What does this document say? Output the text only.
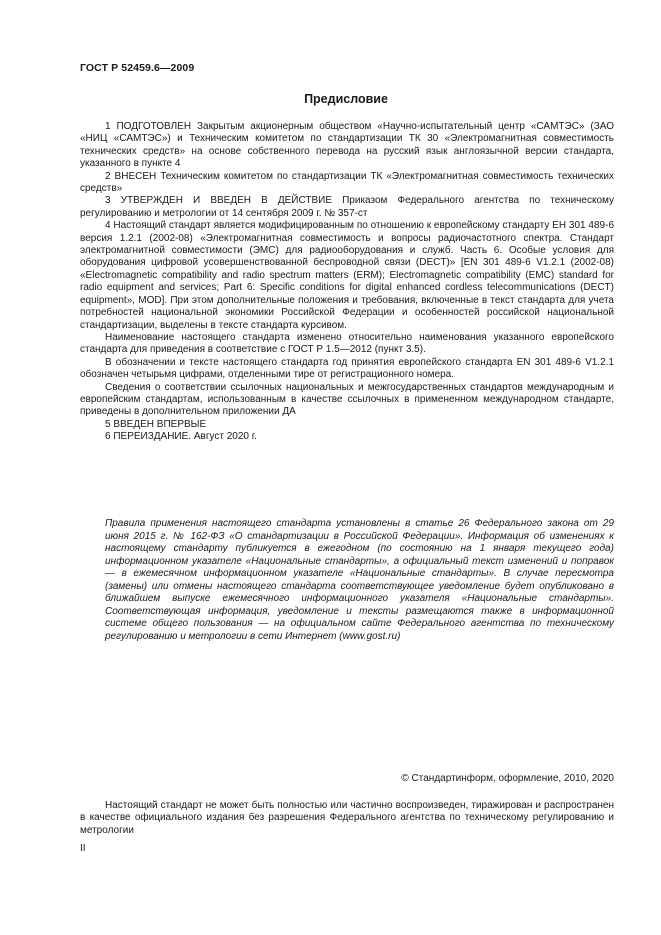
ГОСТ Р 52459.6—2009
Предисловие

1 ПОДГОТОВЛЕН Закрытым акционерным обществом «Научно-испытательный центр «САМТЭС» (ЗАО «НИЦ «САМТЭС») и Техническим комитетом по стандартизации ТК 30 «Электромагнитная совместимость технических средств» на основе собственного перевода на русский язык англоязычной версии стандарта, указанного в пункте 4

2 ВНЕСЕН Техническим комитетом по стандартизации ТК «Электромагнитная совместимость технических средств»

3 УТВЕРЖДЕН И ВВЕДЕН В ДЕЙСТВИЕ Приказом Федерального агентства по техническому регулированию и метрологии от 14 сентября 2009 г. № 357-ст

4 Настоящий стандарт является модифицированным по отношению к европейскому стандарту ЕН 301 489-6 версия 1.2.1 (2002-08) «Электромагнитная совместимость и вопросы радиочастотного спектра. Стандарт электромагнитной совместимости (ЭМС) для радиооборудования и служб. Часть 6. Особые условия для оборудования цифровой усовершенствованной беспроводной связи (DECT)» [EN 301 489-6 V1.2.1 (2002-08) «Electromagnetic compatibility and radio spectrum matters (ERM); Electromagnetic compatibility (EMC) standard for radio equipment and services; Part 6: Specific conditions for digital enhanced cordless telecommunications (DECT) equipment», MOD]. При этом дополнительные положения и требования, включенные в текст стандарта для учета потребностей национальной экономики Российской Федерации и особенностей российской национальной стандартизации, выделены в тексте стандарта курсивом.

Наименование настоящего стандарта изменено относительно наименования указанного европейского стандарта для приведения в соответствие с ГОСТ Р 1.5—2012 (пункт 3.5).

В обозначении и тексте настоящего стандарта год принятия европейского стандарта EN 301 489-6 V1.2.1 обозначен четырьмя цифрами, отделенными тире от регистрационного номера.

Сведения о соответствии ссылочных национальных и межгосударственных стандартов международным и европейским стандартам, использованным в качестве ссылочных в примененном международном стандарте, приведены в дополнительном приложении ДА

5 ВВЕДЕН ВПЕРВЫЕ

6 ПЕРЕИЗДАНИЕ. Август 2020 г.

Правила применения настоящего стандарта установлены в статье 26 Федерального закона от 29 июня 2015 г. № 162-ФЗ «О стандартизации в Российской Федерации». Информация об изменениях к настоящему стандарту публикуется в ежегодном (по состоянию на 1 января текущего года) информационном указателе «Национальные стандарты», а официальный текст изменений и поправок — в ежемесячном информационном указателе «Национальные стандарты». В случае пересмотра (замены) или отмены настоящего стандарта соответствующее уведомление будет опубликовано в ближайшем выпуске ежемесячного информационного указателя «Национальные стандарты». Соответствующая информация, уведомление и тексты размещаются также в информационной системе общего пользования — на официальном сайте Федерального агентства по техническому регулированию и метрологии в сети Интернет (www.gost.ru)

© Стандартинформ, оформление, 2010, 2020

Настоящий стандарт не может быть полностью или частично воспроизведен, тиражирован и распространен в качестве официального издания без разрешения Федерального агентства по техническому регулированию и метрологии

II
